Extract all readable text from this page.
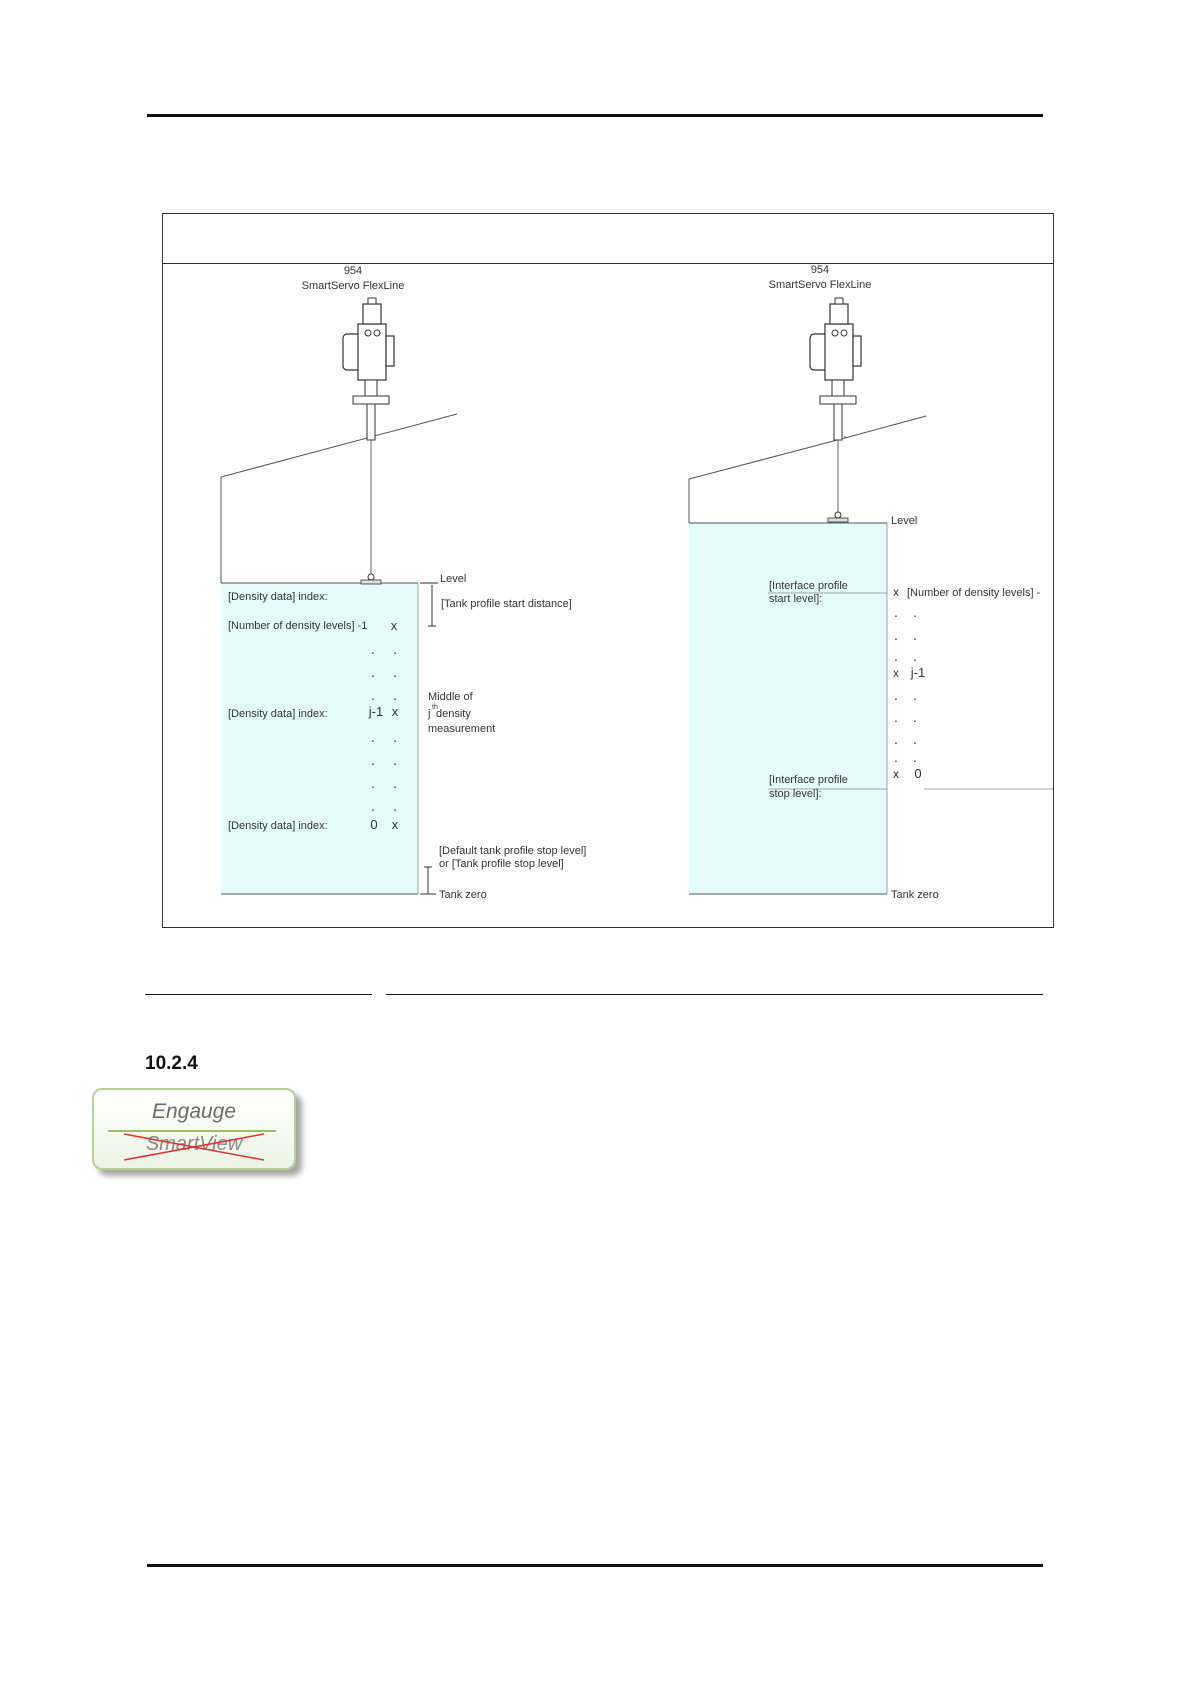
954
SmartServo FlexLine
Level
[Tank profile start distance]
[Density data] index:
[Number of density levels] -1 x
. .
. .
. .
[Density data] index:	j-1 x
Middle of
j
th
density
measurement
. .
. .
. .
. .
[Density data] index:	0 x
[Default tank profile stop level]
or [Tank profile stop level]
Tank zero
954
SmartServo FlexLine
Level
[Interface profile
start level]:	x [Number of density levels] -
. .
. .
. .
x j-1
. .
. .
. .
. .
[Interface profile
stop level]:
x 0
Tank zero
10.2.4
Engauge
SmartView
